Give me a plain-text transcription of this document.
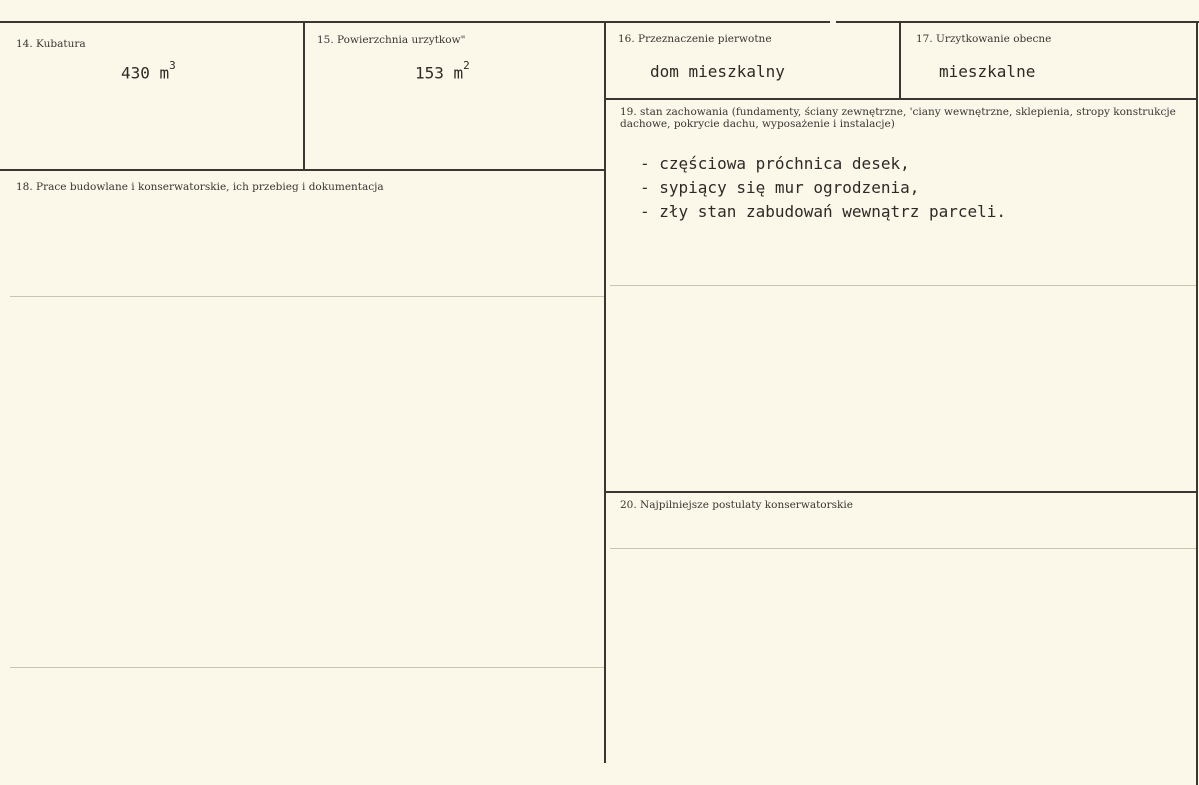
14. Kubatura
430 $m^3$
15. Powierzchnia urzytkow"
153 $m^2$
16. Przeznaczenie pierwotne
dom mieszkalny
17. Urzytkowanie obecne
mieszkalne
18. Prace budowlane i konserwatorskie, ich przebieg i dokumentacja
19. stan zachowania (fundamenty, ściany zewnętrzne, 'ciany wewnętrzne, sklepienia, stropy konstrukcje dachowe, pokrycie dachu, wyposażenie i instalacje)
- częściowa próchnica desek,
- sypiący się mur ogrodzenia,
- zły stan zabudowań wewnątrz parceli.
20. Najpilniejsze postulaty konserwatorskie
